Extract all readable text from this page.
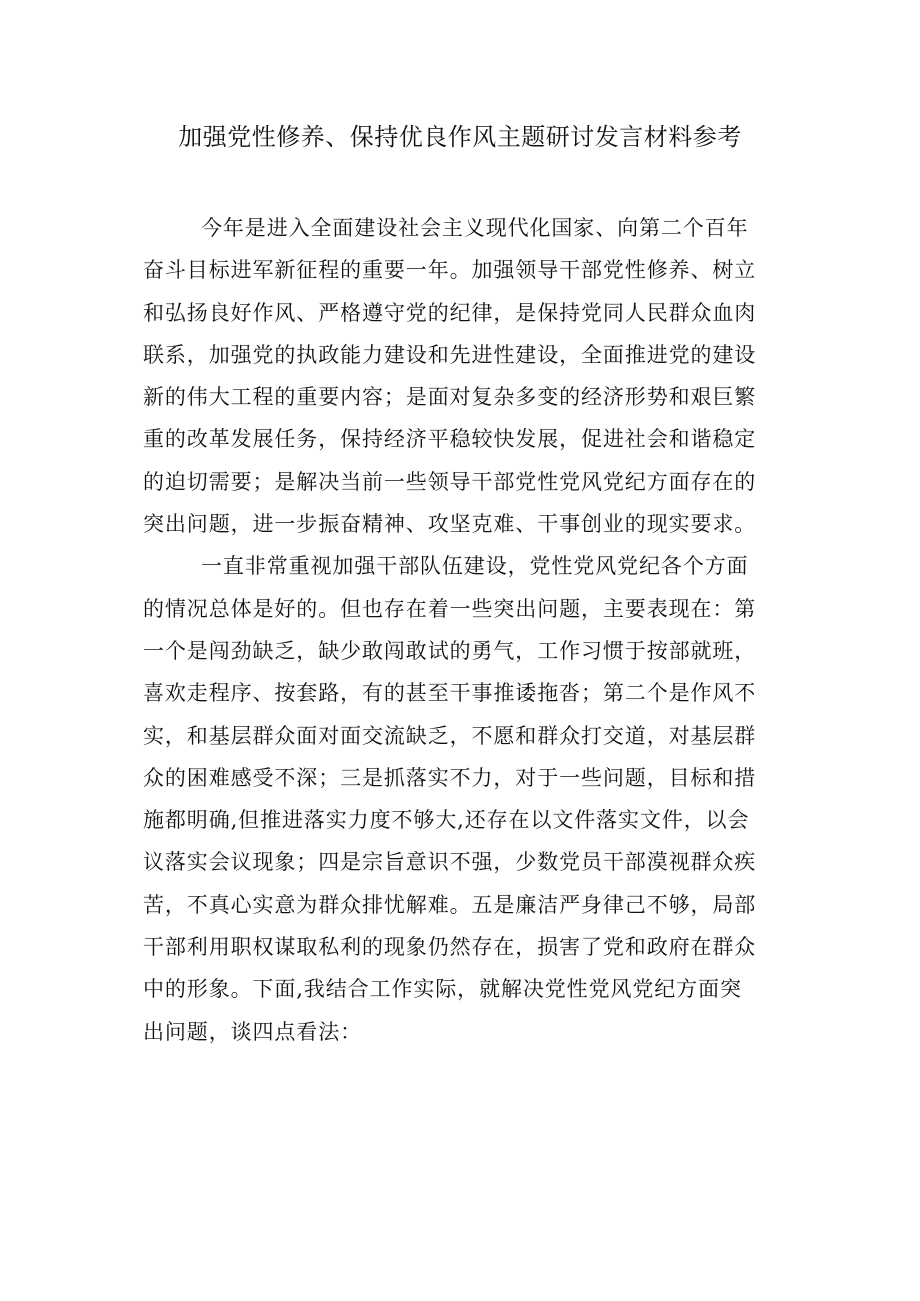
加强党性修养、保持优良作风主题研讨发言材料参考
今年是进入全面建设社会主义现代化国家、向第二个百年
奋斗目标进军新征程的重要一年。加强领导干部党性修养、树立
和弘扬良好作风、严格遵守党的纪律，是保持党同人民群众血肉
联系，加强党的执政能力建设和先进性建设，全面推进党的建设
新的伟大工程的重要内容；是面对复杂多变的经济形势和艰巨繁
重的改革发展任务，保持经济平稳较快发展，促进社会和谐稳定
的迫切需要；是解决当前一些领导干部党性党风党纪方面存在的
突出问题，进一步振奋精神、攻坚克难、干事创业的现实要求。
一直非常重视加强干部队伍建设，党性党风党纪各个方面
的情况总体是好的。但也存在着一些突出问题，主要表现在：第
一个是闯劲缺乏，缺少敢闯敢试的勇气，工作习惯于按部就班，
喜欢走程序、按套路，有的甚至干事推诿拖沓；第二个是作风不
实，和基层群众面对面交流缺乏，不愿和群众打交道，对基层群
众的困难感受不深；三是抓落实不力，对于一些问题，目标和措
施都明确,但推进落实力度不够大,还存在以文件落实文件，以会
议落实会议现象；四是宗旨意识不强，少数党员干部漠视群众疾
苦，不真心实意为群众排忧解难。五是廉洁严身律己不够，局部
干部利用职权谋取私利的现象仍然存在，损害了党和政府在群众
中的形象。下面,我结合工作实际，就解决党性党风党纪方面突
出问题，谈四点看法：
